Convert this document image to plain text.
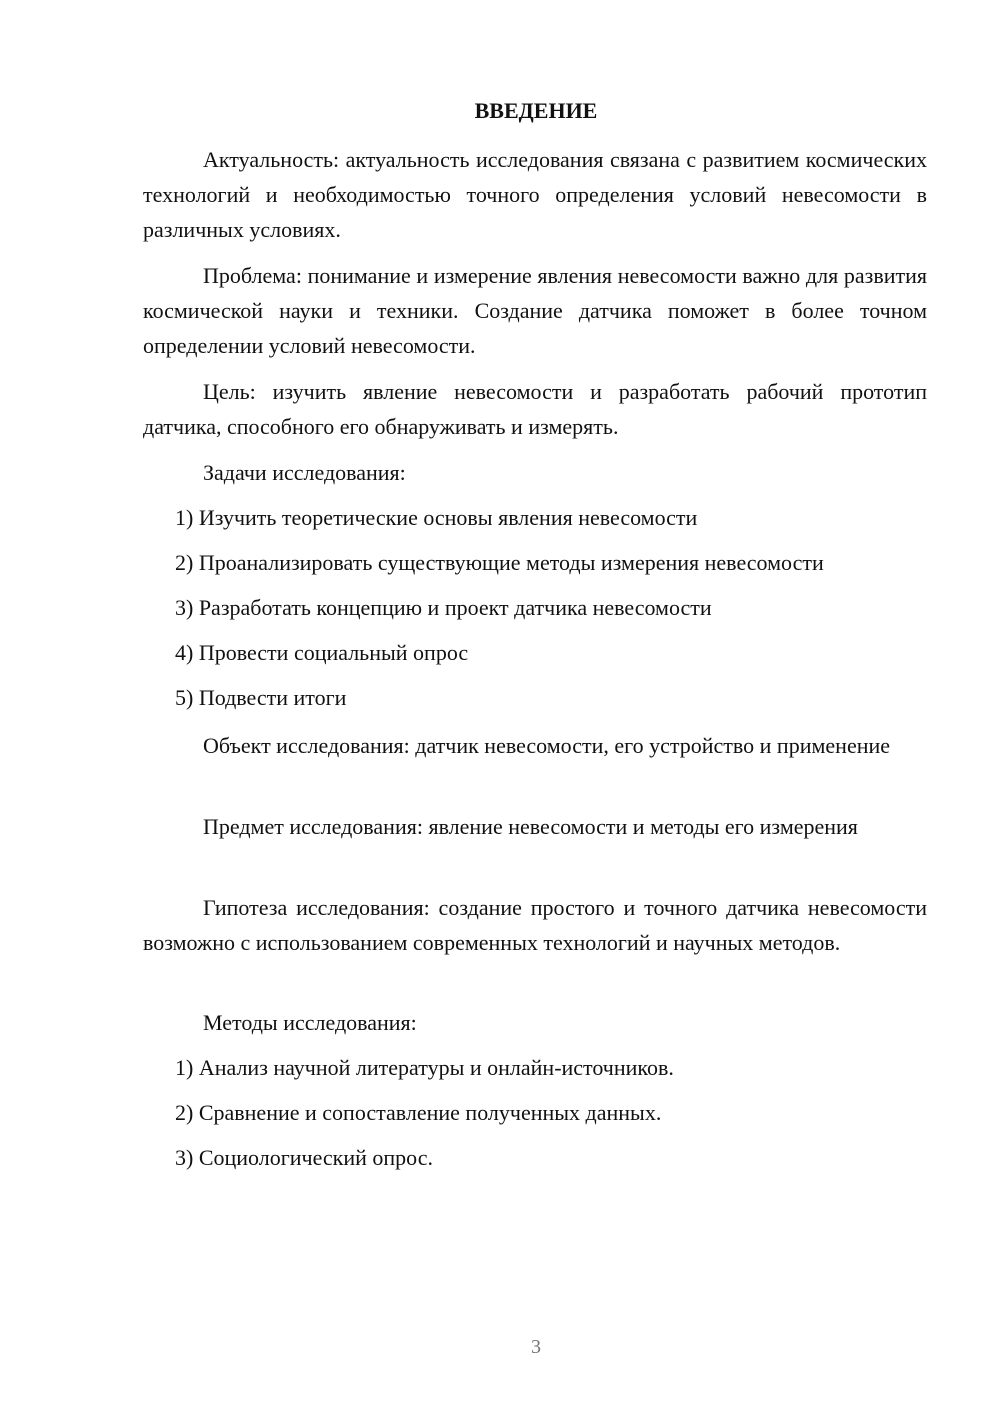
ВВЕДЕНИЕ
Актуальность: актуальность исследования связана с развитием космических технологий и необходимостью точного определения условий невесомости в различных условиях.
Проблема: понимание и измерение явления невесомости важно для развития космической науки и техники. Создание датчика поможет в более точном определении условий невесомости.
Цель: изучить явление невесомости и разработать рабочий прототип датчика, способного его обнаруживать и измерять.
Задачи исследования:
1) Изучить теоретические основы явления невесомости
2) Проанализировать существующие методы измерения невесомости
3) Разработать концепцию и проект датчика невесомости
4) Провести социальный опрос
5) Подвести итоги
Объект исследования: датчик невесомости, его устройство и применение
Предмет исследования: явление невесомости и методы его измерения
Гипотеза исследования: создание простого и точного датчика невесомости возможно с использованием современных технологий и научных методов.
Методы исследования:
1) Анализ научной литературы и онлайн-источников.
2) Сравнение и сопоставление полученных данных.
3) Социологический опрос.
3
